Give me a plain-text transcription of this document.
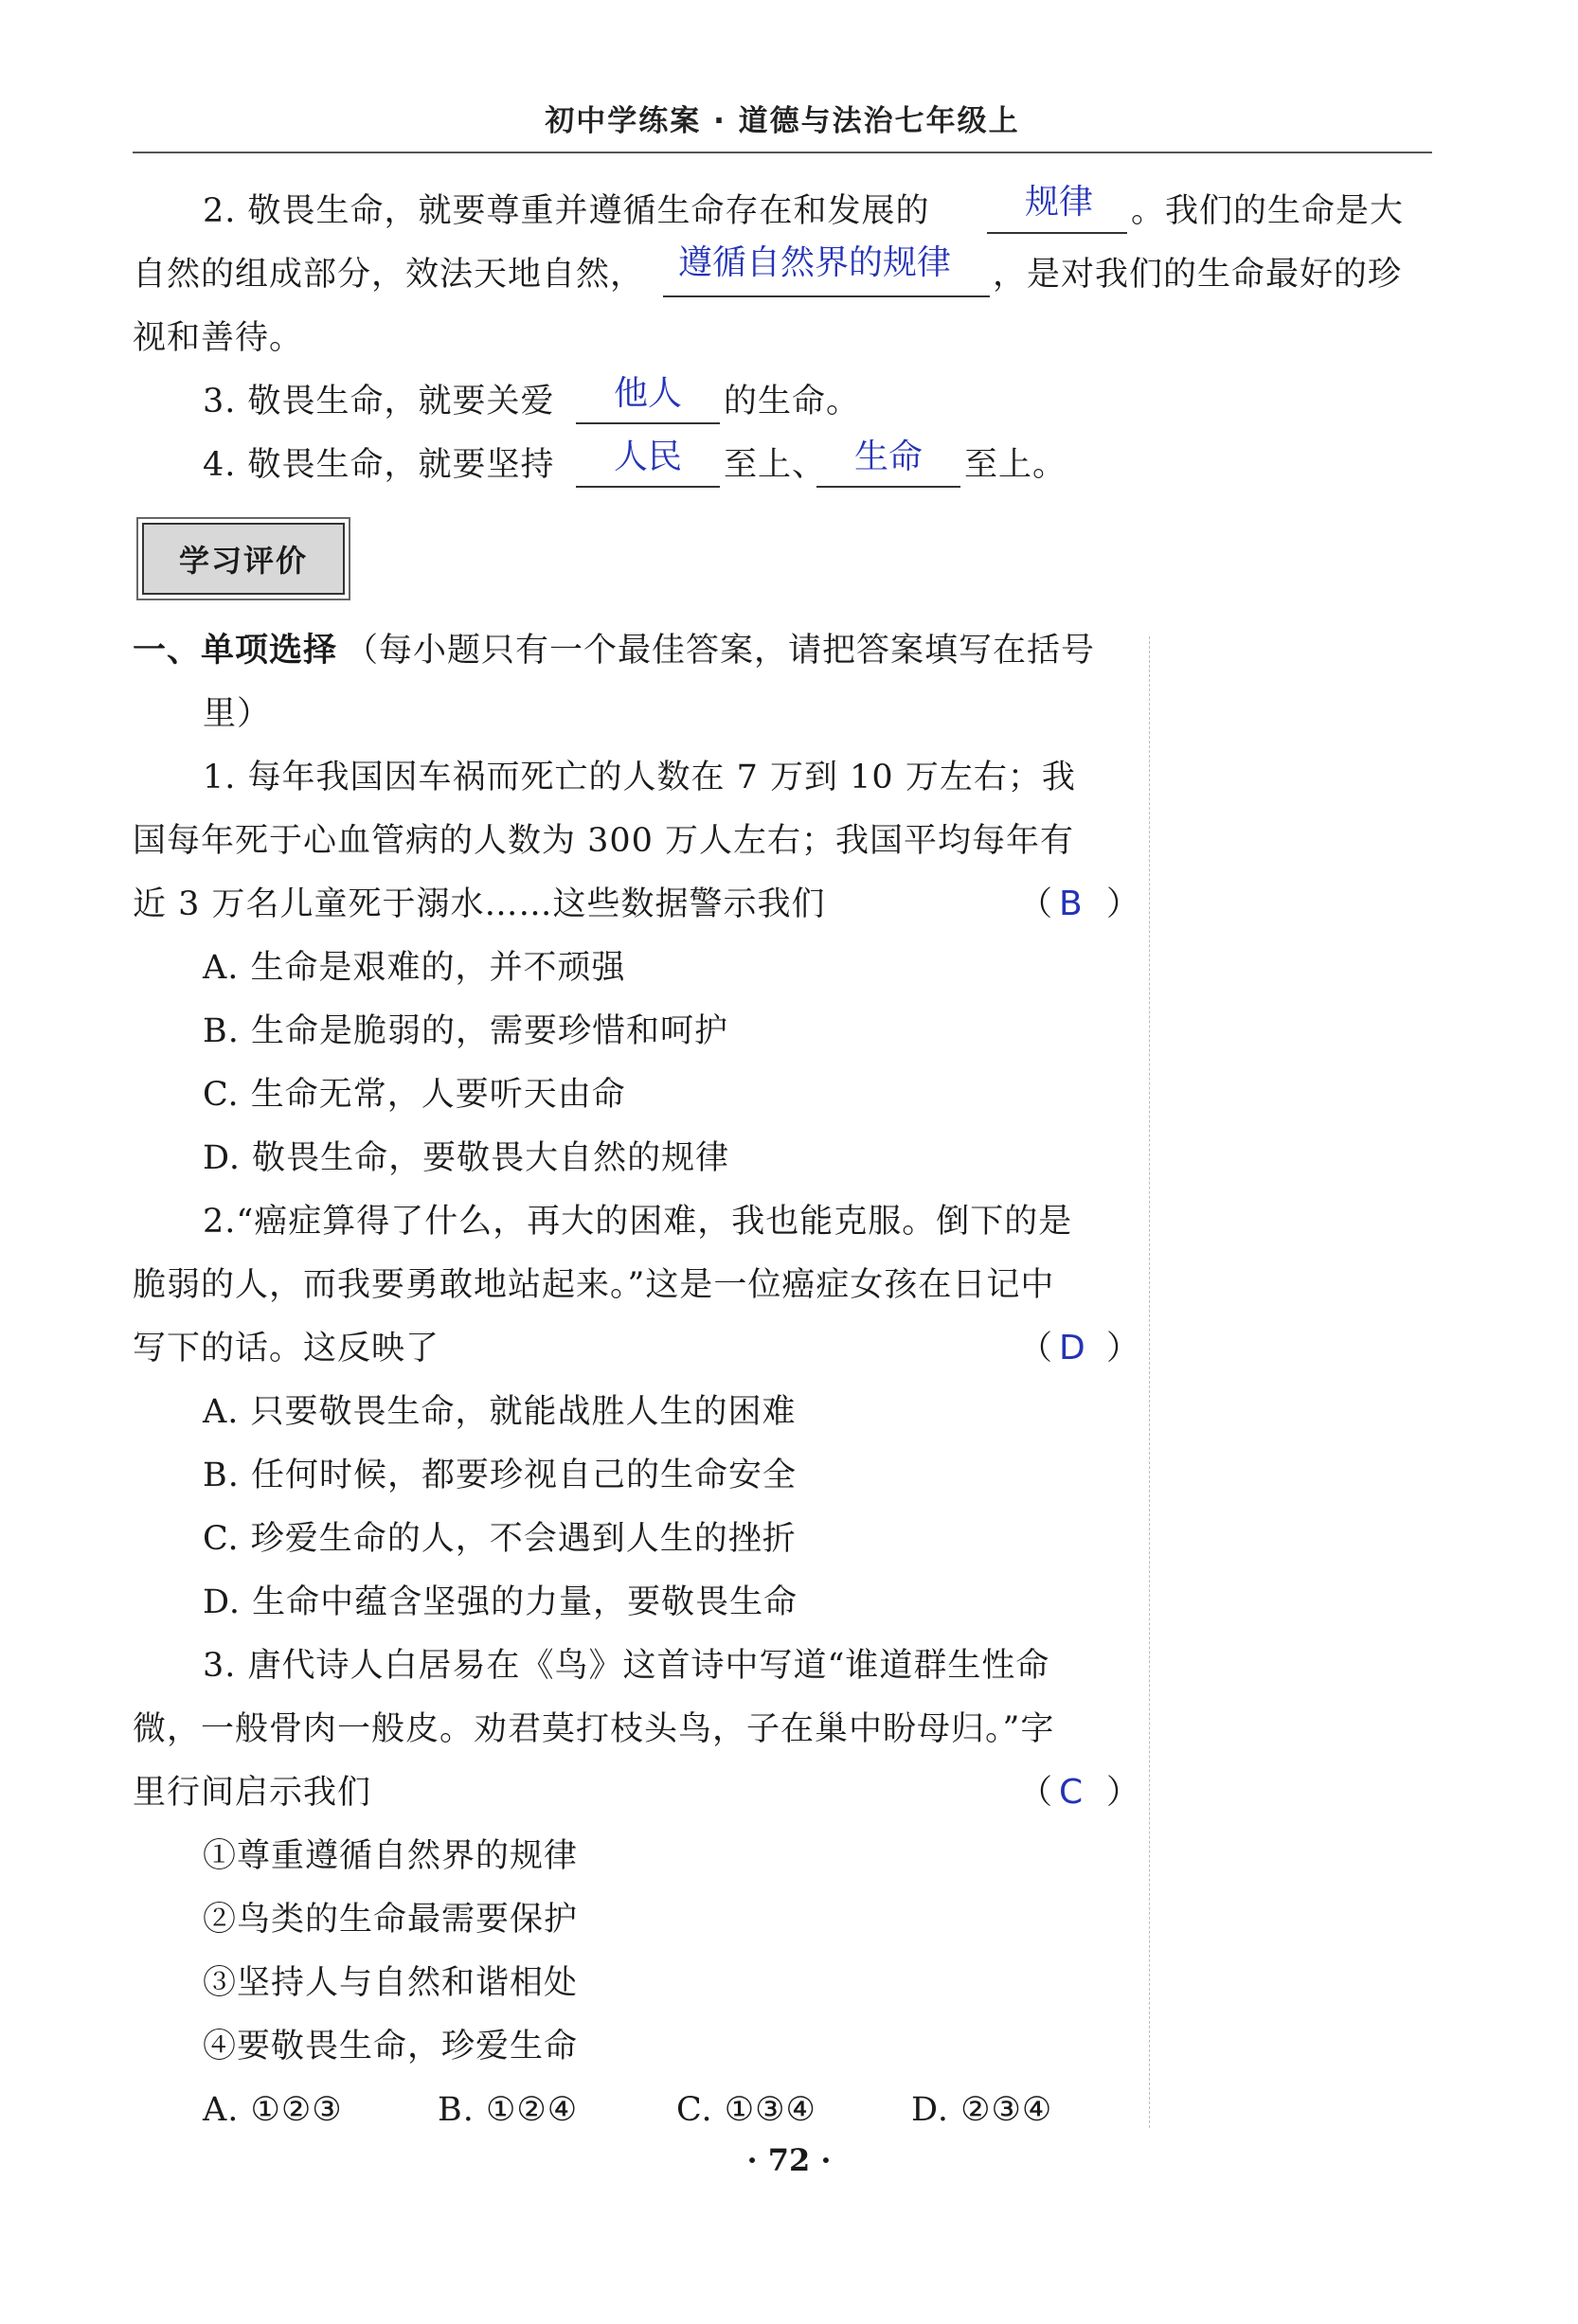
初中学练案 · 道德与法治七年级上
2. 敬畏生命，就要尊重并遵循生命存在和发展的	规律 。我们的生命是大
自然的组成部分，效法天地自然， 遵循自然界的规律 ，是对我们的生命最好的珍
视和善待。
3. 敬畏生命，就要关爱 他人 的生命。
4. 敬畏生命，就要坚持 人民 至上、 生命 至上。
学习评价
一、单项选择 （每小题只有一个最佳答案，请把答案填写在括号
里）
1. 每年我国因车祸而死亡的人数在 7 万到 10 万左右；我
国每年死于心血管病的人数为 300 万人左右；我国平均每年有
近 3 万名儿童死于溺水……这些数据警示我们	（ B ）
A. 生命是艰难的，并不顽强
B. 生命是脆弱的，需要珍惜和呵护
C. 生命无常，人要听天由命
D. 敬畏生命，要敬畏大自然的规律
2.“癌症算得了什么，再大的困难，我也能克服。倒下的是
脆弱的人，而我要勇敢地站起来。”这是一位癌症女孩在日记中
写下的话。这反映了	（ D ）
A. 只要敬畏生命，就能战胜人生的困难
B. 任何时候，都要珍视自己的生命安全
C. 珍爱生命的人，不会遇到人生的挫折
D. 生命中蕴含坚强的力量，要敬畏生命
3. 唐代诗人白居易在《鸟》这首诗中写道“谁道群生性命
微，一般骨肉一般皮。劝君莫打枝头鸟，子在巢中盼母归。”字
里行间启示我们	（ C ）
①尊重遵循自然界的规律
②鸟类的生命最需要保护
③坚持人与自然和谐相处
④要敬畏生命，珍爱生命
A. ①②③	B. ①②④	C. ①③④	D. ②③④
· 72 ·
